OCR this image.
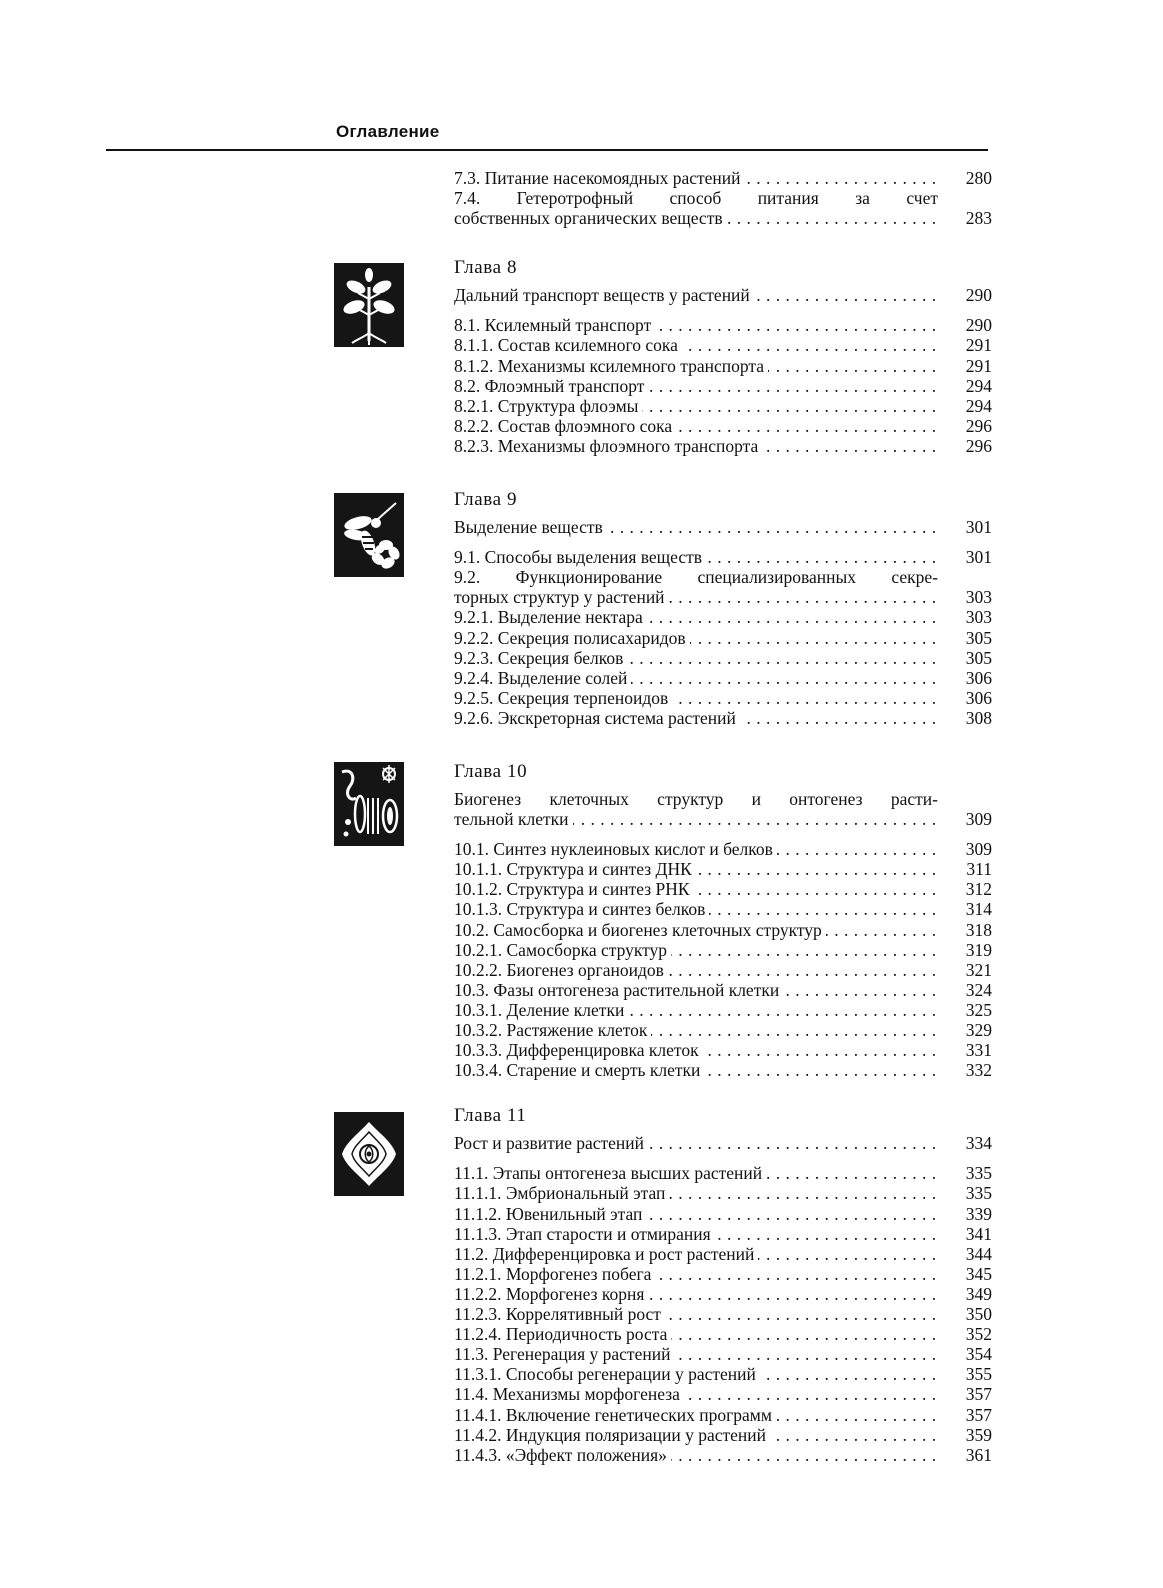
Оглавление
7.3. Питание насекомоядных растений . . .	280
7.4. Гетеротрофный способ питания за счет
собственных органических веществ . . .	283
Глава 8
Дальний транспорт веществ у растений . . .	290
8.1. Ксилемный транспорт . . .	290
8.1.1. Состав ксилемного сока . . .	291
8.1.2. Механизмы ксилемного транспорта . . .	291
8.2. Флоэмный транспорт . . .	294
8.2.1. Структура флоэмы . . .	294
8.2.2. Состав флоэмного сока . . .	296
8.2.3. Механизмы флоэмного транспорта . . .	296
Глава 9
Выделение веществ . . .	301
9.1. Способы выделения веществ . . .	301
9.2. Функционирование специализированных секре-
торных структур у растений . . .	303
9.2.1. Выделение нектара . . .	303
9.2.2. Секреция полисахаридов . . .	305
9.2.3. Секреция белков . . .	305
9.2.4. Выделение солей . . .	306
9.2.5. Секреция терпеноидов . . .	306
9.2.6. Экскреторная система растений . . .	308
Глава 10
Биогенез клеточных структур и онтогенез расти-
тельной клетки . . .	309
10.1. Синтез нуклеиновых кислот и белков . . .	309
10.1.1. Структура и синтез ДНК . . .	311
10.1.2. Структура и синтез РНК . . .	312
10.1.3. Структура и синтез белков . . .	314
10.2. Самосборка и биогенез клеточных структур . . .	318
10.2.1. Самосборка структур . . .	319
10.2.2. Биогенез органоидов . . .	321
10.3. Фазы онтогенеза растительной клетки . . .	324
10.3.1. Деление клетки . . .	325
10.3.2. Растяжение клеток . . .	329
10.3.3. Дифференцировка клеток . . .	331
10.3.4. Старение и смерть клетки . . .	332
Глава 11
Рост и развитие растений . . .	334
11.1. Этапы онтогенеза высших растений . . .	335
11.1.1. Эмбриональный этап . . .	335
11.1.2. Ювенильный этап . . .	339
11.1.3. Этап старости и отмирания . . .	341
11.2. Дифференцировка и рост растений . . .	344
11.2.1. Морфогенез побега . . .	345
11.2.2. Морфогенез корня . . .	349
11.2.3. Коррелятивный рост . . .	350
11.2.4. Периодичность роста . . .	352
11.3. Регенерация у растений . . .	354
11.3.1. Способы регенерации у растений . . .	355
11.4. Механизмы морфогенеза . . .	357
11.4.1. Включение генетических программ . . .	357
11.4.2. Индукция поляризации у растений . . .	359
11.4.3. «Эффект положения» . . .	361
